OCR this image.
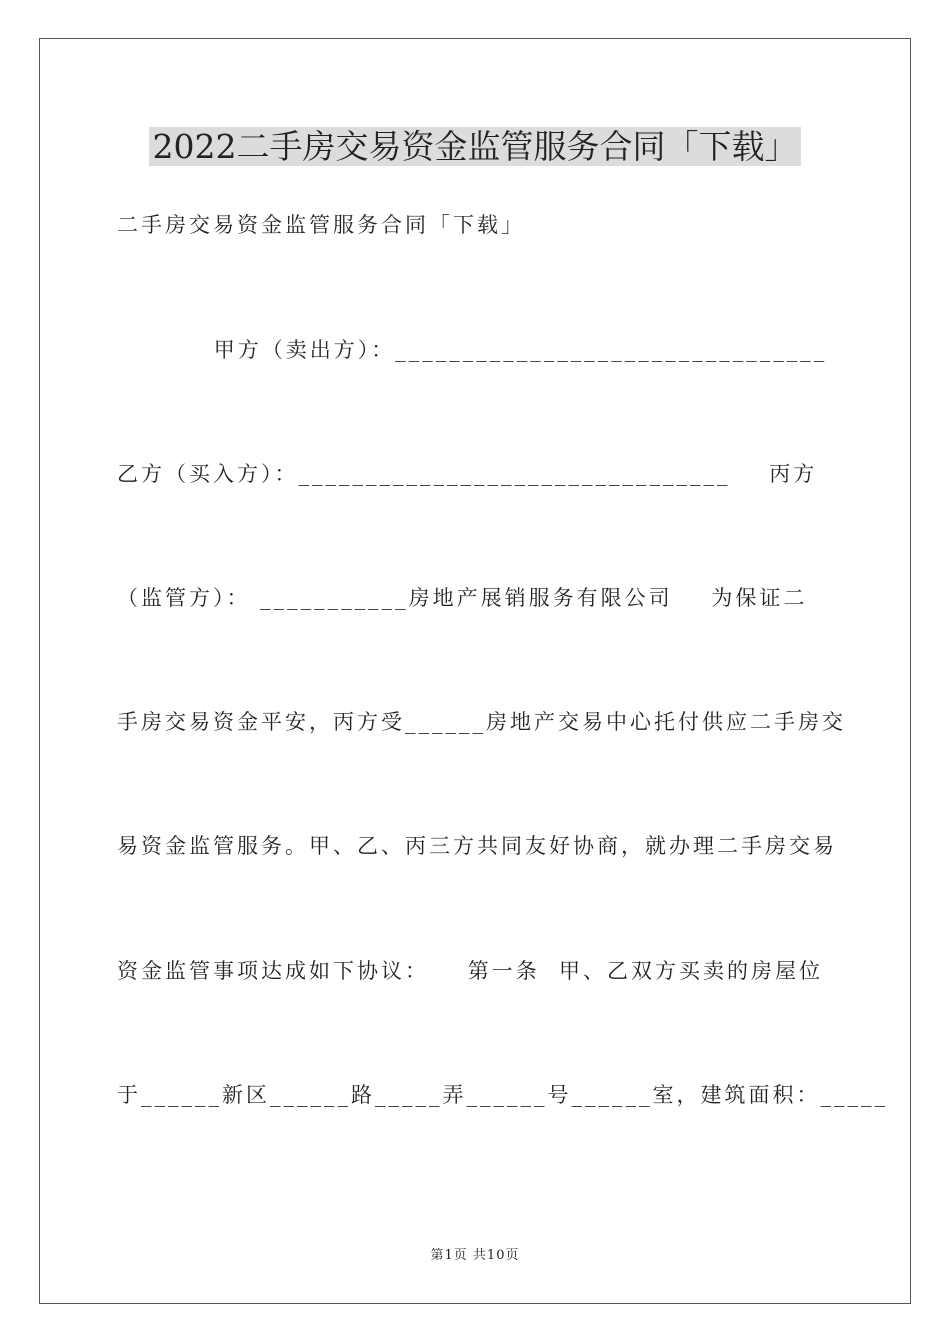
2022二手房交易资金监管服务合同「下载」
二手房交易资金监管服务合同「下载」
甲方（卖出方）：________________________________
乙方（买入方）：________________________________    丙方
（监管方）： ___________房地产展销服务有限公司    为保证二
手房交易资金平安，丙方受______房地产交易中心托付供应二手房交
易资金监管服务。甲、乙、丙三方共同友好协商，就办理二手房交易
资金监管事项达成如下协议：    第一条  甲、乙双方买卖的房屋位
于______新区______路_____弄______号______室，建筑面积：_____
第1页 共10页
